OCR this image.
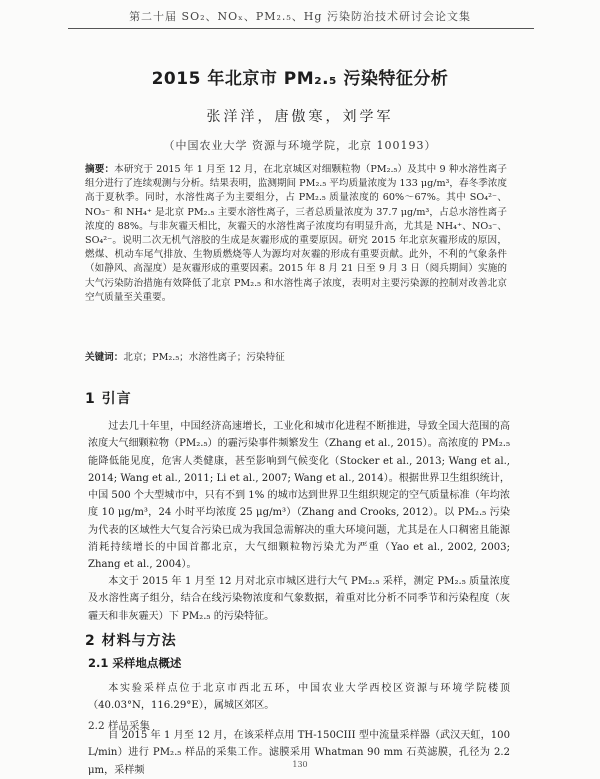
第二十届 SO₂、NOₓ、PM₂.₅、Hg 污染防治技术研讨会论文集
2015 年北京市 PM₂.₅ 污染特征分析
张洋洋，唐傲寒，刘学军
（中国农业大学 资源与环境学院，北京 100193）
摘要：本研究于 2015 年 1 月至 12 月，在北京城区对细颗粒物（PM₂.₅）及其中 9 种水溶性离子组分进行了连续观测与分析。结果表明，监测期间 PM₂.₅ 平均质量浓度为 133 μg/m³，春冬季浓度高于夏秋季。同时，水溶性离子为主要组分，占 PM₂.₅ 质量浓度的 60%～67%。其中 SO₄²⁻、NO₃⁻ 和 NH₄⁺ 是北京 PM₂.₅ 主要水溶性离子，三者总质量浓度为 37.7 μg/m³，占总水溶性离子浓度的 88%。与非灰霾天相比，灰霾天的水溶性离子浓度均有明显升高，尤其是 NH₄⁺、NO₃⁻、SO₄²⁻。说明二次无机气溶胶的生成是灰霾形成的重要原因。研究 2015 年北京灰霾形成的原因，燃煤、机动车尾气排放、生物质燃烧等人为源均对灰霾的形成有重要贡献。此外，不利的气象条件（如静风、高湿度）是灰霾形成的重要因素。2015 年 8 月 21 日至 9 月 3 日（阅兵期间）实施的大气污染防治措施有效降低了北京 PM₂.₅ 和水溶性离子浓度，表明对主要污染源的控制对改善北京空气质量至关重要。
关键词：北京；PM₂.₅；水溶性离子；污染特征
1 引言
过去几十年里，中国经济高速增长，工业化和城市化进程不断推进，导致全国大范围的高浓度大气细颗粒物（PM₂.₅）的霾污染事件频繁发生（Zhang et al., 2015）。高浓度的 PM₂.₅ 能降低能见度，危害人类健康，甚至影响到气候变化（Stocker et al., 2013; Wang et al., 2014; Wang et al., 2011; Li et al., 2007; Wang et al., 2014）。根据世界卫生组织统计，中国 500 个大型城市中，只有不到 1% 的城市达到世界卫生组织规定的空气质量标准（年均浓度 10 μg/m³，24 小时平均浓度 25 μg/m³）（Zhang and Crooks, 2012）。以 PM₂.₅ 污染为代表的区域性大气复合污染已成为我国急需解决的重大环境问题，尤其是在人口稠密且能源消耗持续增长的中国首都北京，大气细颗粒物污染尤为严重（Yao et al., 2002, 2003; Zhang et al., 2004）。
本文于 2015 年 1 月至 12 月对北京市城区进行大气 PM₂.₅ 采样，测定 PM₂.₅ 质量浓度及水溶性离子组分，结合在线污染物浓度和气象数据，着重对比分析不同季节和污染程度（灰霾天和非灰霾天）下 PM₂.₅ 的污染特征。
2 材料与方法
2.1 采样地点概述
本实验采样点位于北京市西北五环，中国农业大学西校区资源与环境学院楼顶（40.03°N，116.29°E），属城区郊区。
2.2 样品采集
自 2015 年 1 月至 12 月，在该采样点用 TH-150CIII 型中流量采样器（武汉天虹，100 L/min）进行 PM₂.₅ 样品的采集工作。滤膜采用 Whatman 90 mm 石英滤膜，孔径为 2.2 μm，采样频
130
